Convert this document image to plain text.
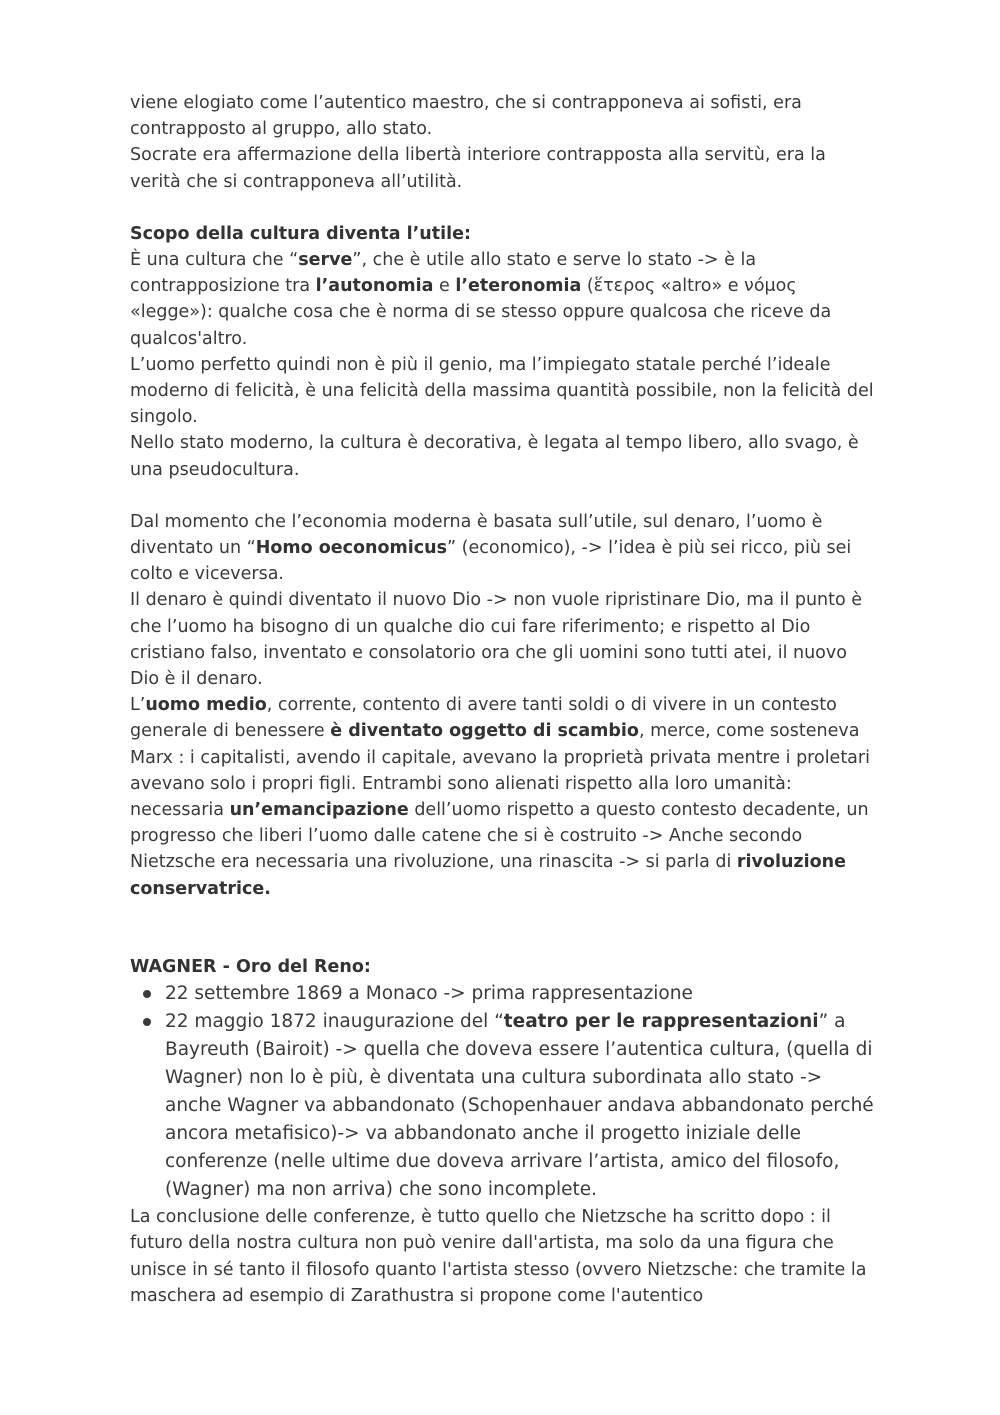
viene elogiato come l’autentico maestro, che si contrapponeva ai sofisti, era contrapposto al gruppo, allo stato.

Socrate era affermazione della libertà interiore contrapposta alla servitù, era la verità che si contrapponeva all’utilità.

Scopo della cultura diventa l’utile:

È una cultura che “serve”, che è utile allo stato e serve lo stato -> è la contrapposizione tra l’autonomia e l’eteronomia (ἕτερος «altro» e νόμος «legge»): qualche cosa che è norma di se stesso oppure qualcosa che riceve da qualcos'altro.

L’uomo perfetto quindi non è più il genio, ma l’impiegato statale perché l’ideale moderno di felicità, è una felicità della massima quantità possibile, non la felicità del singolo.

Nello stato moderno, la cultura è decorativa, è legata al tempo libero, allo svago, è una pseudocultura.

Dal momento che l’economia moderna è basata sull’utile, sul denaro, l’uomo è diventato un “Homo oeconomicus” (economico), -> l’idea è più sei ricco, più sei colto e viceversa.

Il denaro è quindi diventato il nuovo Dio -> non vuole ripristinare Dio, ma il punto è che l’uomo ha bisogno di un qualche dio cui fare riferimento; e rispetto al Dio cristiano falso, inventato e consolatorio ora che gli uomini sono tutti atei, il nuovo Dio è il denaro.

L’uomo medio, corrente, contento di avere tanti soldi o di vivere in un contesto generale di benessere è diventato oggetto di scambio, merce, come sosteneva Marx : i capitalisti, avendo il capitale, avevano la proprietà privata mentre i proletari avevano solo i propri figli. Entrambi sono alienati rispetto alla loro umanità: necessaria un’emancipazione dell’uomo rispetto a questo contesto decadente, un progresso che liberi l’uomo dalle catene che si è costruito -> Anche secondo Nietzsche era necessaria una rivoluzione, una rinascita -> si parla di rivoluzione conservatrice.

WAGNER - Oro del Reno:

22 settembre 1869 a Monaco -> prima rappresentazione
22 maggio 1872 inaugurazione del “teatro per le rappresentazioni” a Bayreuth (Bairoit) -> quella che doveva essere l’autentica cultura, (quella di Wagner) non lo è più, è diventata una cultura subordinata allo stato -> anche Wagner va abbandonato (Schopenhauer andava abbandonato perché ancora metafisico)-> va abbandonato anche il progetto iniziale delle conferenze (nelle ultime due doveva arrivare l’artista, amico del filosofo, (Wagner) ma non arriva) che sono incomplete.

La conclusione delle conferenze, è tutto quello che Nietzsche ha scritto dopo : il futuro della nostra cultura non può venire dall'artista, ma solo da una figura che unisce in sé tanto il filosofo quanto l'artista stesso (ovvero Nietzsche: che tramite la maschera ad esempio di Zarathustra si propone come l'autentico
